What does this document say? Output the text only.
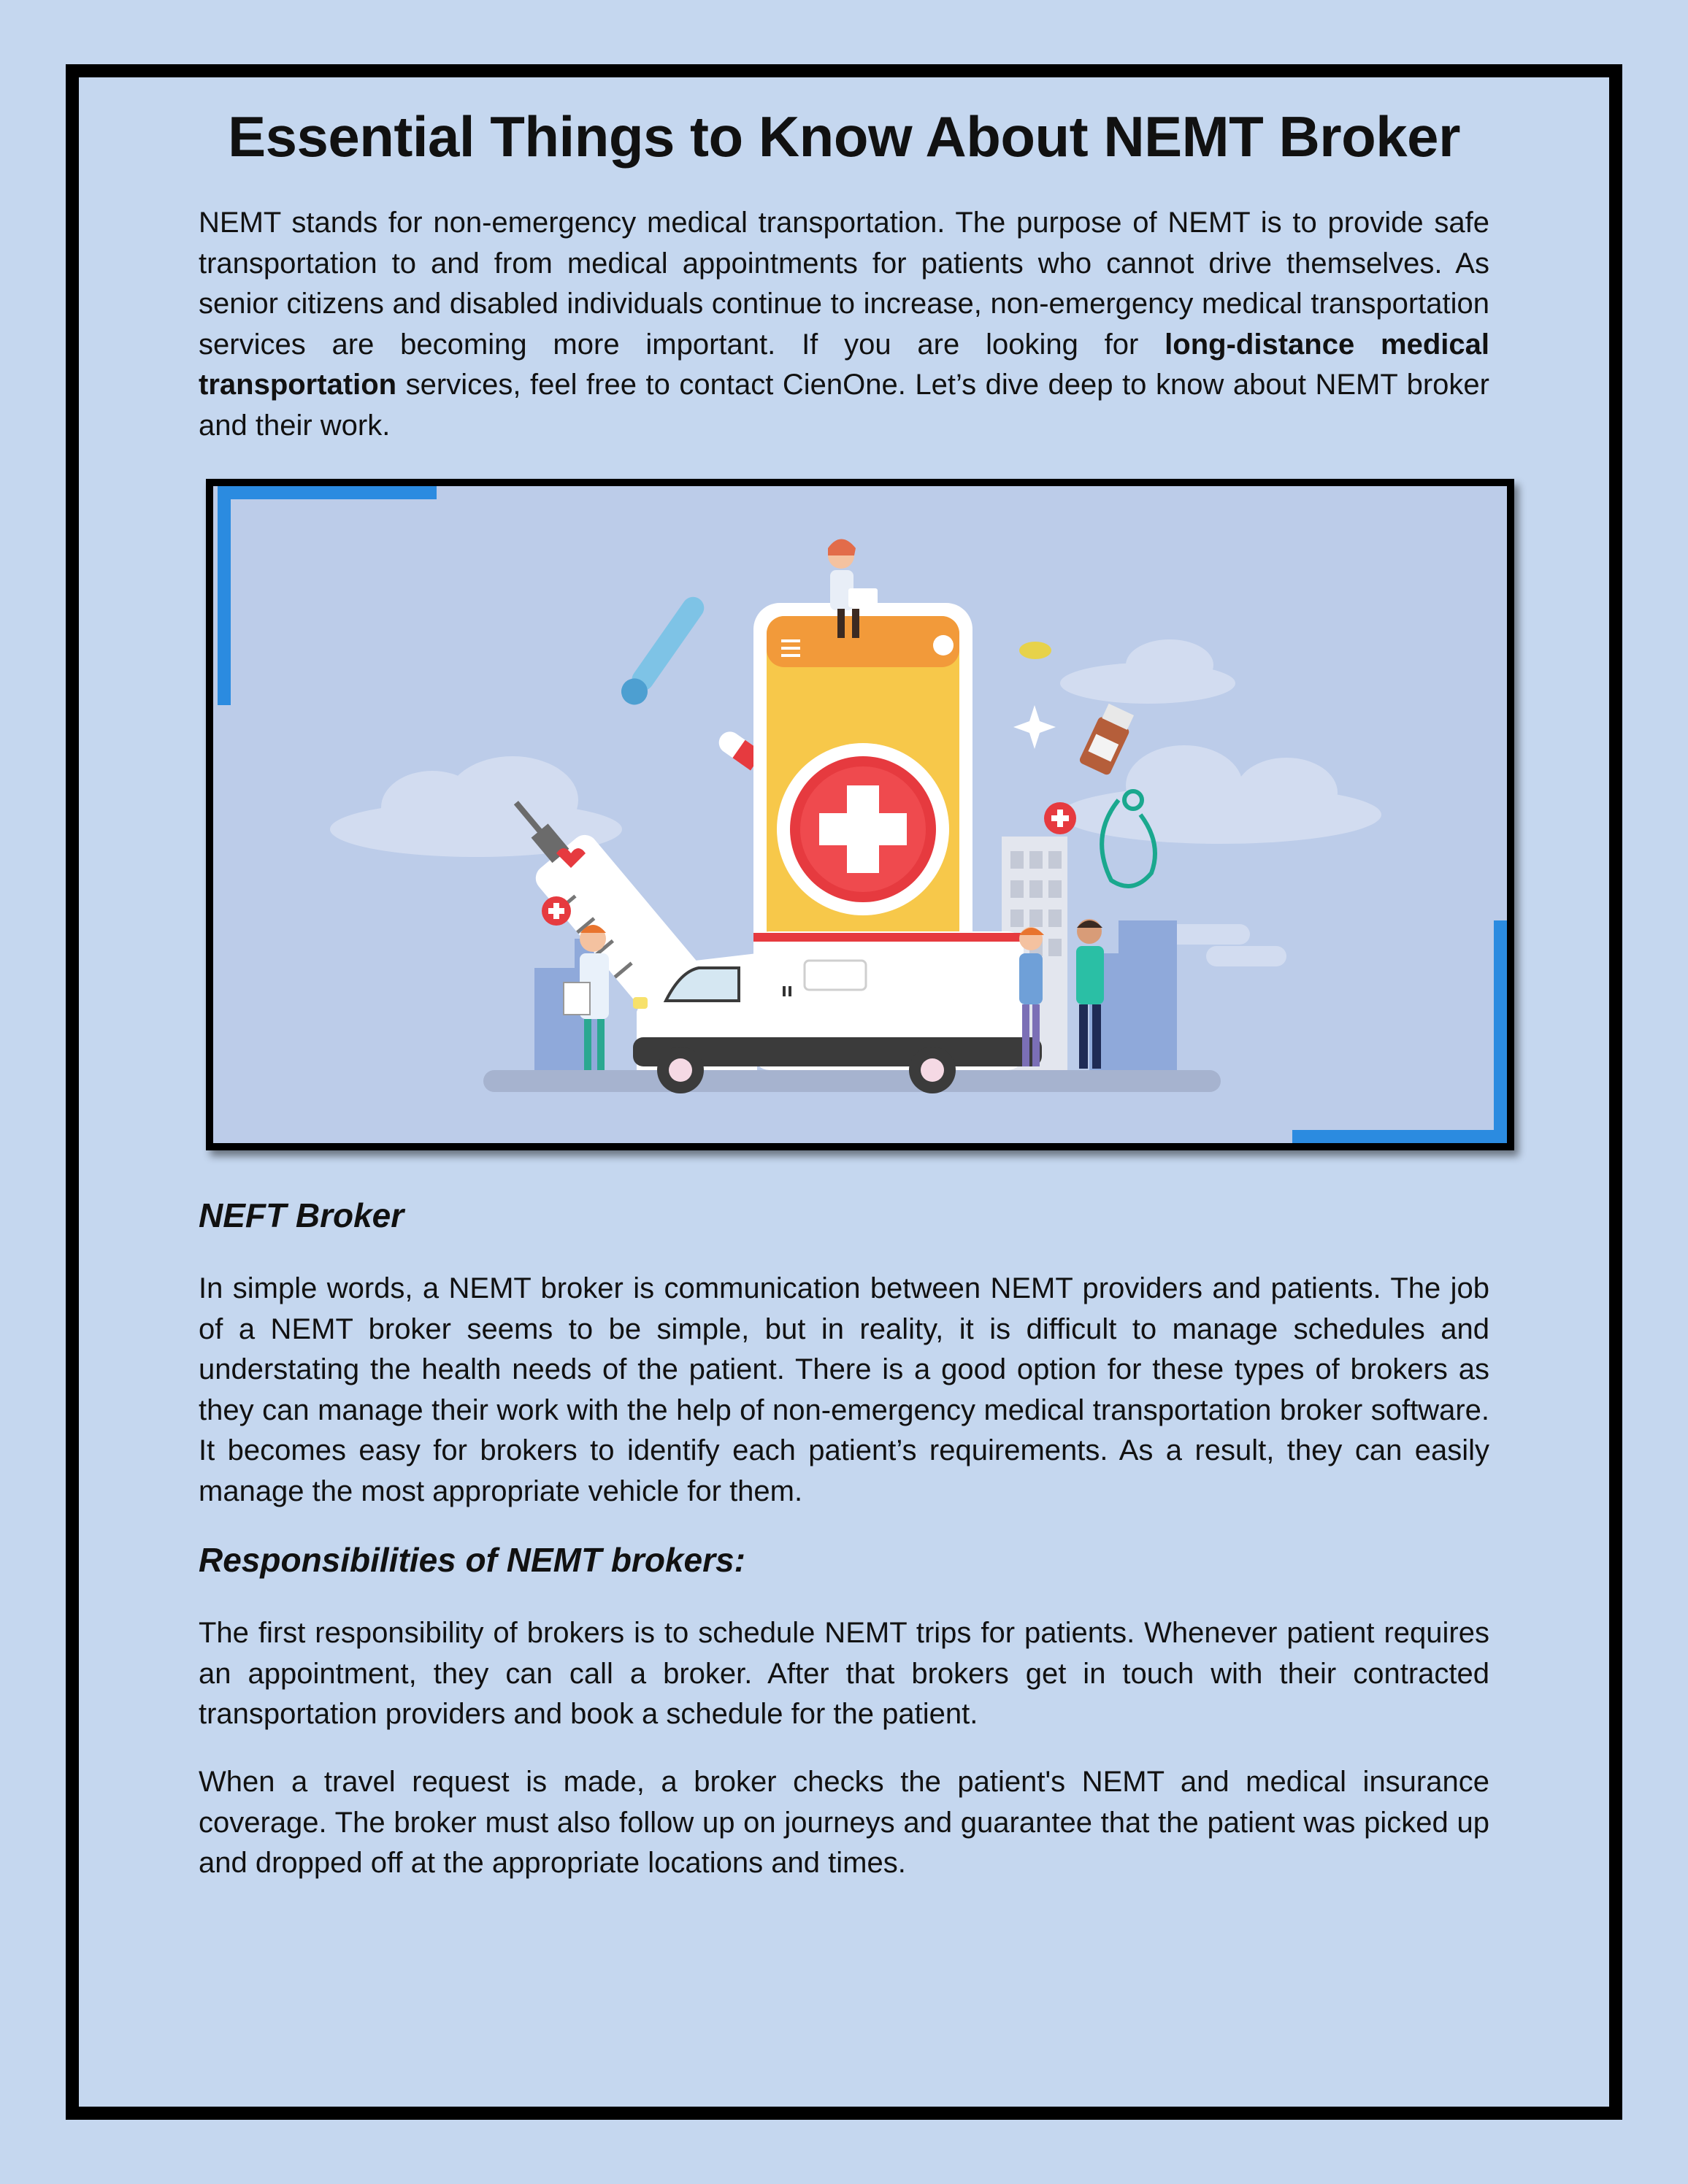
Essential Things to Know About NEMT Broker

NEMT stands for non-emergency medical transportation. The purpose of NEMT is to provide safe transportation to and from medical appointments for patients who cannot drive themselves. As senior citizens and disabled individuals continue to increase, non-emergency medical transportation services are becoming more important. If you are looking for long-distance medical transportation services, feel free to contact CienOne. Let’s dive deep to know about NEMT broker and their work.

NEFT Broker

In simple words, a NEMT broker is communication between NEMT providers and patients. The job of a NEMT broker seems to be simple, but in reality, it is difficult to manage schedules and understating the health needs of the patient. There is a good option for these types of brokers as they can manage their work with the help of non-emergency medical transportation broker software. It becomes easy for brokers to identify each patient’s requirements. As a result, they can easily manage the most appropriate vehicle for them.

Responsibilities of NEMT brokers:

The first responsibility of brokers is to schedule NEMT trips for patients. Whenever patient requires an appointment, they can call a broker. After that brokers get in touch with their contracted transportation providers and book a schedule for the patient.

When a travel request is made, a broker checks the patient's NEMT and medical insurance coverage. The broker must also follow up on journeys and guarantee that the patient was picked up and dropped off at the appropriate locations and times.
